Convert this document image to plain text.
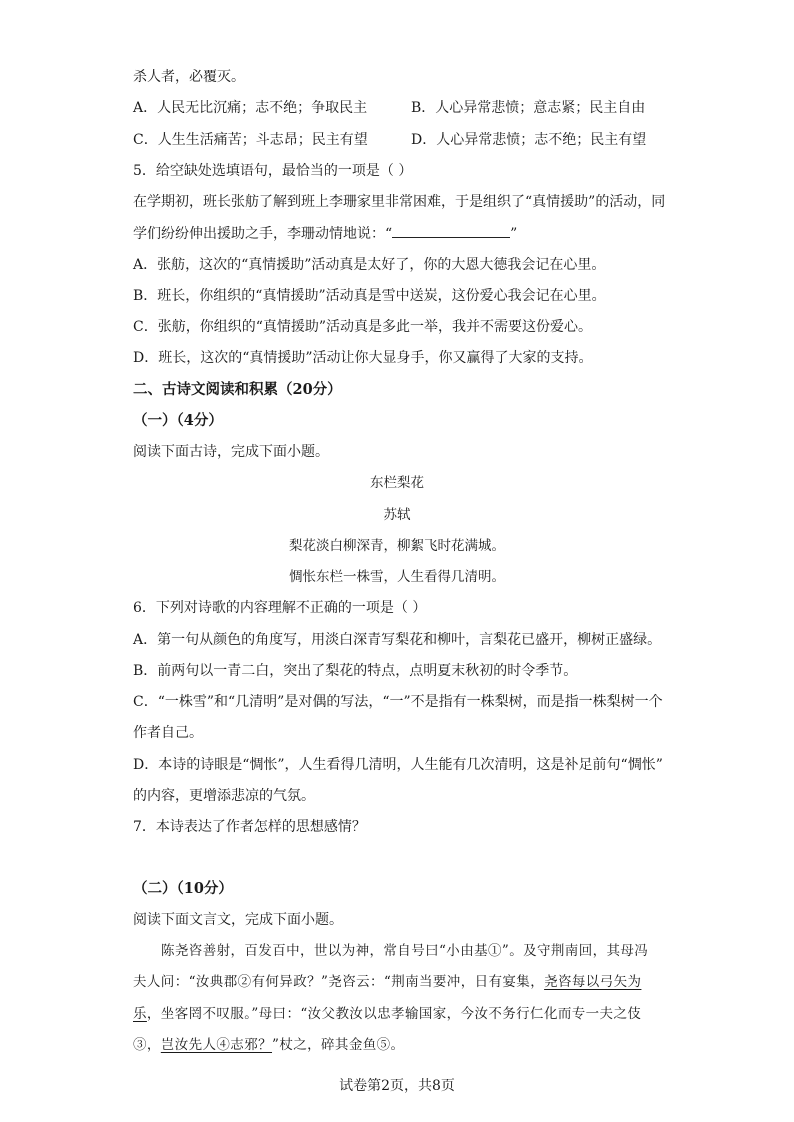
杀人者，必覆灭。
A．人民无比沉痛；志不绝；争取民主	B．人心异常悲愤；意志紧；民主自由
C．人生生活痛苦；斗志昂；民主有望	D．人心异常悲愤；志不绝；民主有望
5．给空缺处选填语句，最恰当的一项是（ ）
在学期初，班长张舫了解到班上李珊家里非常困难，于是组织了“真情援助”的活动，同
学们纷纷伸出援助之手，李珊动情地说：“	”
A．张舫，这次的“真情援助”活动真是太好了，你的大恩大德我会记在心里。
B．班长，你组织的“真情援助”活动真是雪中送炭，这份爱心我会记在心里。
C．张舫，你组织的“真情援助”活动真是多此一举，我并不需要这份爱心。
D．班长，这次的“真情援助”活动让你大显身手，你又赢得了大家的支持。
二、古诗文阅读和积累（20分）
（一）（4分）
阅读下面古诗，完成下面小题。
东栏梨花
苏轼
梨花淡白柳深青，柳絮飞时花满城。
惆怅东栏一株雪，人生看得几清明。
6．下列对诗歌的内容理解不正确的一项是（ ）
A．第一句从颜色的角度写，用淡白深青写梨花和柳叶，言梨花已盛开，柳树正盛绿。
B．前两句以一青二白，突出了梨花的特点，点明夏末秋初的时令季节。
C．“一株雪”和“几清明”是对偶的写法，“一”不是指有一株梨树，而是指一株梨树一个
作者自己。
D．本诗的诗眼是“惆怅”，人生看得几清明，人生能有几次清明，这是补足前句“惆怅”
的内容，更增添悲凉的气氛。
7．本诗表达了作者怎样的思想感情？
（二）（10分）
阅读下面文言文，完成下面小题。
陈尧咨善射，百发百中，世以为神，常自号曰“小由基①”。及守荆南回，其母冯
夫人问：“汝典郡②有何异政？”尧咨云：“荆南当要冲，日有宴集，尧咨每以弓矢为
乐，坐客罔不叹服。”母曰：“汝父教汝以忠孝输国家，今汝不务行仁化而专一夫之伎
③，岂汝先人④志邪？”杖之，碎其金鱼⑤。
试卷第2页，共8页
